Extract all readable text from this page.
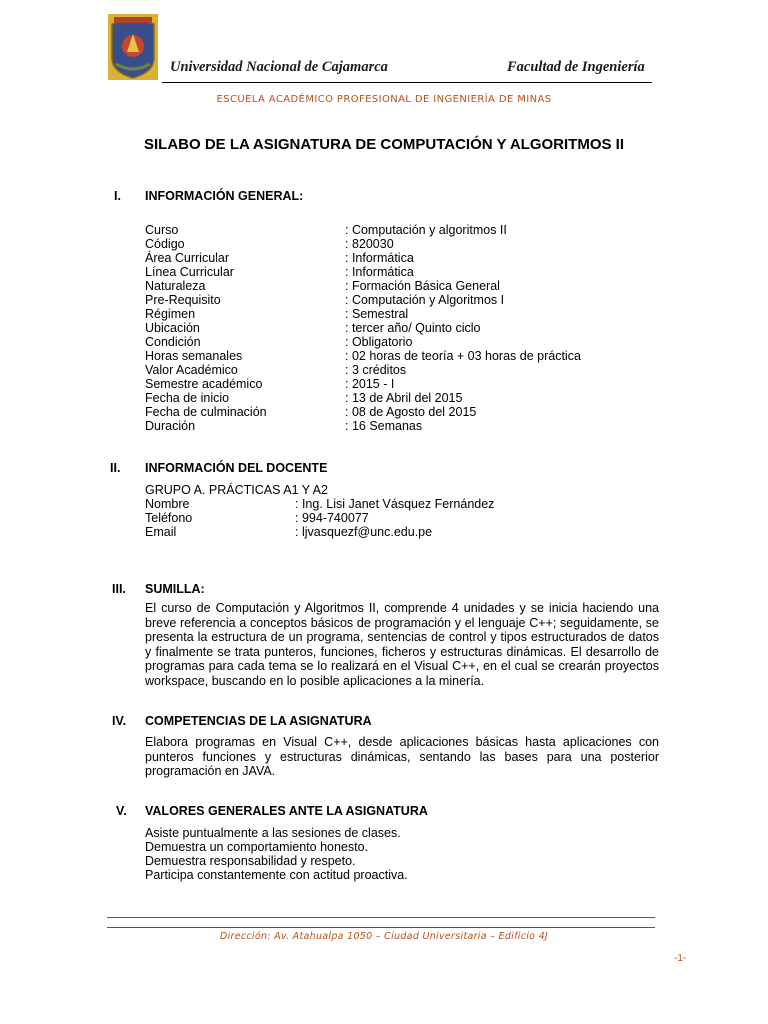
Universidad Nacional de Cajamarca	Facultad de Ingeniería
ESCUELA ACADÉMICO PROFESIONAL DE INGENIERÍA DE MINAS
SILABO DE LA ASIGNATURA DE COMPUTACIÓN Y ALGORITMOS II
I. INFORMACIÓN GENERAL:
Curso	: Computación y algoritmos II
Código	: 820030
Área Curricular	: Informática
Línea Curricular	: Informática
Naturaleza	: Formación Básica General
Pre-Requisito	: Computación y Algoritmos I
Régimen	: Semestral
Ubicación	: tercer año/ Quinto ciclo
Condición	: Obligatorio
Horas semanales	: 02 horas de teoría + 03 horas de práctica
Valor Académico	: 3 créditos
Semestre académico	: 2015 - I
Fecha de inicio	: 13 de Abril del 2015
Fecha de culminación	: 08 de Agosto del 2015
Duración	: 16 Semanas
II. INFORMACIÓN DEL DOCENTE
GRUPO A. PRÁCTICAS A1 Y A2
Nombre	: Ing. Lisi Janet Vásquez Fernández
Teléfono	: 994-740077
Email	: ljvasquezf@unc.edu.pe
III. SUMILLA:
El curso de Computación y Algoritmos II, comprende 4 unidades y se inicia haciendo una breve referencia a conceptos básicos de programación y el lenguaje C++; seguidamente, se presenta la estructura de un programa, sentencias de control y tipos estructurados de datos y finalmente se trata punteros, funciones, ficheros y estructuras dinámicas. El desarrollo de programas para cada tema se lo realizará en el Visual C++, en el cual se crearán proyectos workspace, buscando en lo posible aplicaciones a la minería.
IV. COMPETENCIAS DE LA ASIGNATURA
Elabora programas en Visual C++, desde aplicaciones básicas hasta aplicaciones con punteros funciones y estructuras dinámicas, sentando las bases para una posterior programación en JAVA.
V. VALORES GENERALES ANTE LA ASIGNATURA
Asiste puntualmente a las sesiones de clases.
Demuestra un comportamiento honesto.
Demuestra responsabilidad y respeto.
Participa constantemente con actitud proactiva.
Dirección: Av. Atahualpa 1050 – Ciudad Universitaria – Edificio 4J
-1-
